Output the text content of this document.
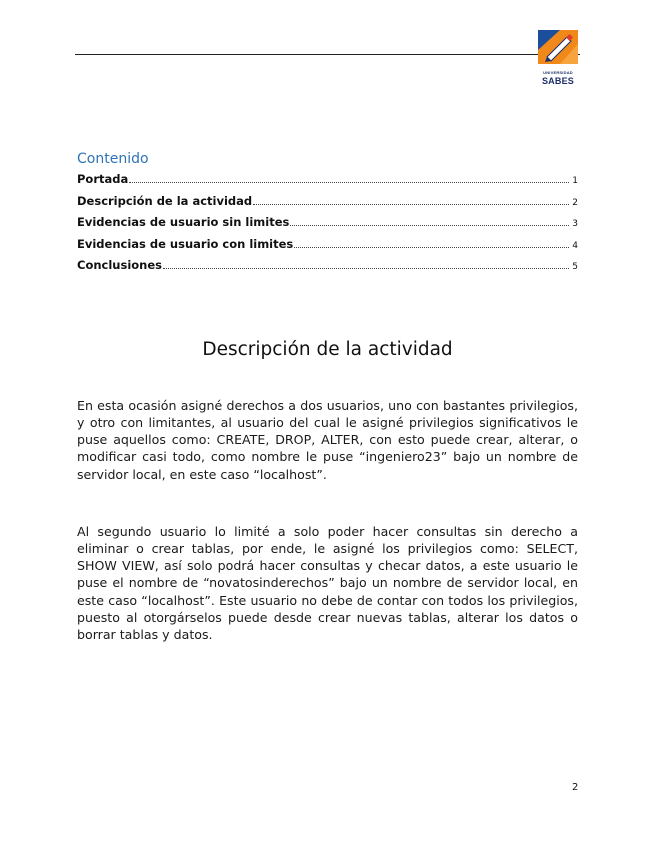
UNIVERSIDAD
SABES
Contenido
Portada	1
Descripción de la actividad	2
Evidencias de usuario sin limites	3
Evidencias de usuario con limites	4
Conclusiones	5
Descripción de la actividad

En esta ocasión asigné derechos a dos usuarios, uno con bastantes privilegios, y otro con limitantes, al usuario del cual le asigné privilegios significativos le puse aquellos como: CREATE, DROP, ALTER, con esto puede crear, alterar, o modificar casi todo, como nombre le puse “ingeniero23” bajo un nombre de servidor local, en este caso “localhost”.

Al segundo usuario lo limité a solo poder hacer consultas sin derecho a eliminar o crear tablas, por ende, le asigné los privilegios como: SELECT, SHOW VIEW, así solo podrá hacer consultas y checar datos, a este usuario le puse el nombre de “novatosinderechos” bajo un nombre de servidor local, en este caso “localhost”. Este usuario no debe de contar con todos los privilegios, puesto al otorgárselos puede desde crear nuevas tablas, alterar los datos o borrar tablas y datos.

2
